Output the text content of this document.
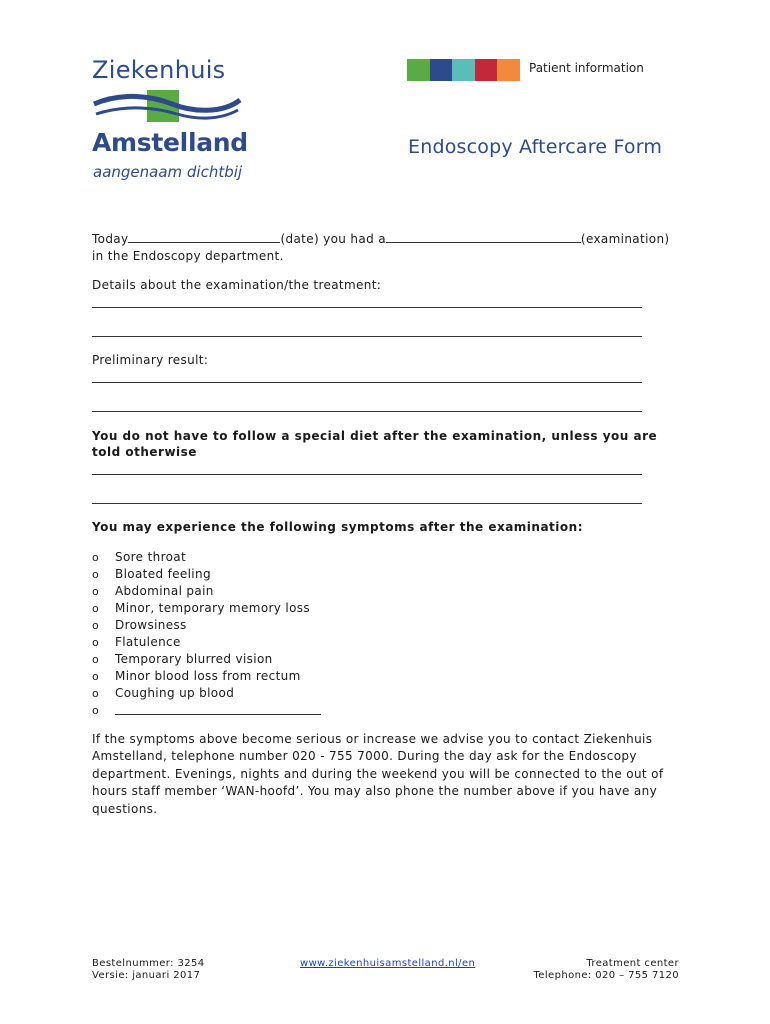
Ziekenhuis
Amstelland
aangenaam dichtbij
Patient information
Endoscopy Aftercare Form
Today	(date) you had a	(examination)
in the Endoscopy department.
Details about the examination/the treatment:
Preliminary result:
You do not have to follow a special diet after the examination, unless you are
told otherwise
You may experience the following symptoms after the examination:
o Sore throat
o Bloated feeling
o Abdominal pain
o Minor, temporary memory loss
o Drowsiness
o Flatulence
o Temporary blurred vision
o Minor blood loss from rectum
o Coughing up blood
o
If the symptoms above become serious or increase we advise you to contact Ziekenhuis Amstelland, telephone number 020 - 755 7000. During the day ask for the Endoscopy department. Evenings, nights and during the weekend you will be connected to the out of hours staff member ‘WAN-hoofd’. You may also phone the number above if you have any questions.
Bestelnummer: 3254
Versie: januari 2017
www.ziekenhuisamstelland.nl/en	Treatment center
Telephone: 020 – 755 7120
